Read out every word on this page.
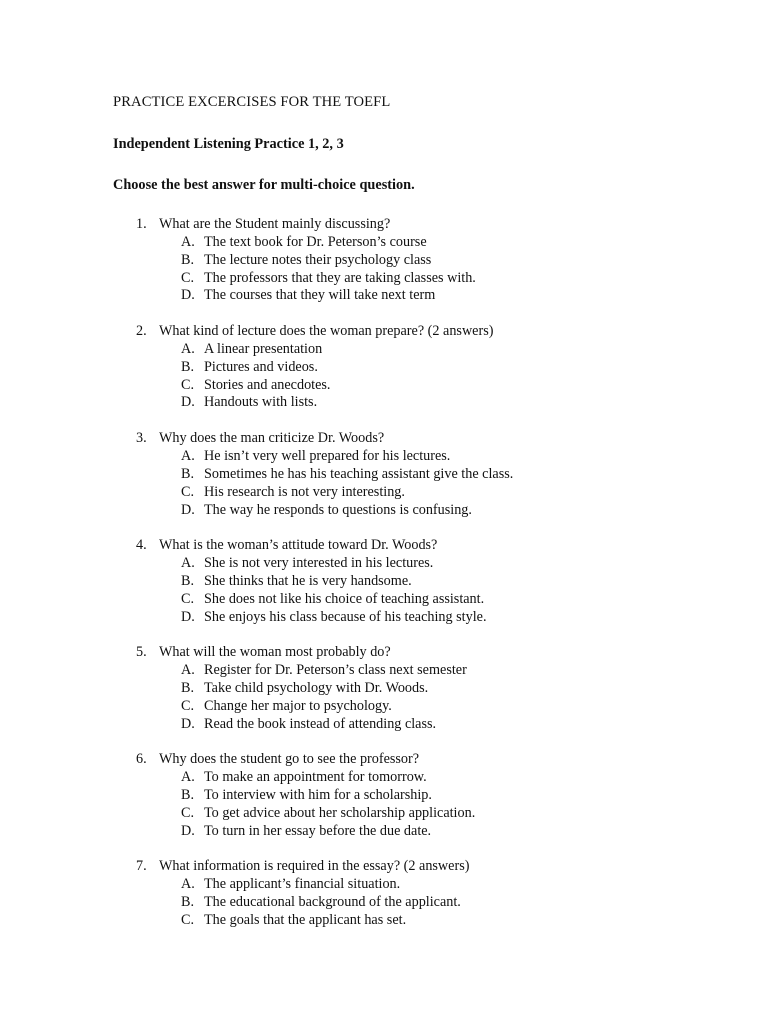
PRACTICE EXCERCISES FOR THE TOEFL
Independent Listening Practice 1, 2, 3
Choose the best answer for multi-choice question.
1. What are the Student mainly discussing?
A. The text book for Dr. Peterson’s course
B. The lecture notes their psychology class
C. The professors that they are taking classes with.
D. The courses that they will take next term
2. What kind of lecture does the woman prepare? (2 answers)
A. A linear presentation
B. Pictures and videos.
C. Stories and anecdotes.
D. Handouts with lists.
3. Why does the man criticize Dr. Woods?
A. He isn’t very well prepared for his lectures.
B. Sometimes he has his teaching assistant give the class.
C. His research is not very interesting.
D. The way he responds to questions is confusing.
4. What is the woman’s attitude toward Dr. Woods?
A. She is not very interested in his lectures.
B. She thinks that he is very handsome.
C. She does not like his choice of teaching assistant.
D. She enjoys his class because of his teaching style.
5. What will the woman most probably do?
A. Register for Dr. Peterson’s class next semester
B. Take child psychology with Dr. Woods.
C. Change her major to psychology.
D. Read the book instead of attending class.
6. Why does the student go to see the professor?
A. To make an appointment for tomorrow.
B. To interview with him for a scholarship.
C. To get advice about her scholarship application.
D. To turn in her essay before the due date.
7. What information is required in the essay? (2 answers)
A. The applicant’s financial situation.
B. The educational background of the applicant.
C. The goals that the applicant has set.
